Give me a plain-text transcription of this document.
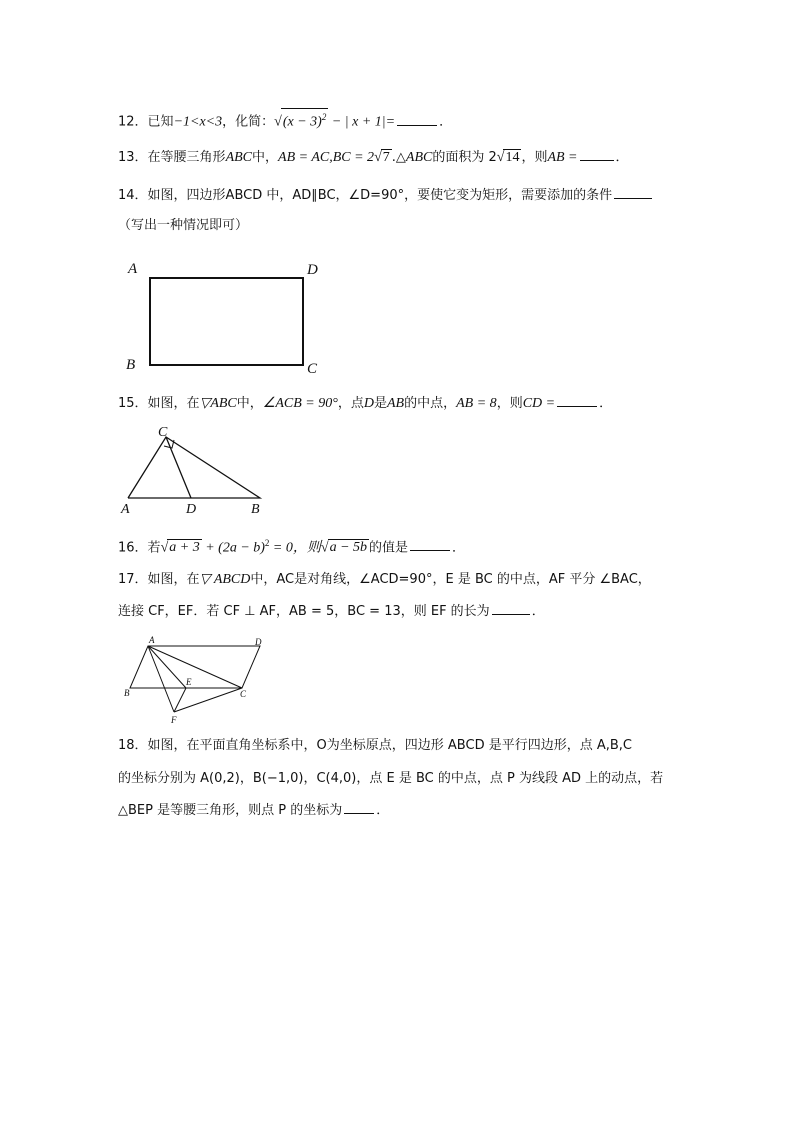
12．已知−1<x<3，化简：$√(x - 3)^2$ − | x + 1|=	．
13．在等腰三角形ABC中，AB = AC,BC = 2√7 .△ABC的面积为 2√14 ，则AB =	．
14．如图，四边形ABCD 中，AD∥BC，∠D=90°，要使它变为矩形，需要添加的条件
（写出一种情况即可）
A	D
B	C
15．如图，在▽ABC中，∠ACB = 90°，点D是AB的中点，AB = 8，则CD =	．
C
A	D	B
16．若$√a + 3 + (2a - b)^2 = 0$，则√a − 5b 的值是	．
17．如图，在▽ ABCD中，AC是对角线，∠ACD=90°，E 是 BC 的中点，AF 平分 ∠BAC，
连接 CF，EF．若 CF ⊥ AF，AB = 5，BC = 13，则 EF 的长为	．
A	D
B	C
E
F
18．如图，在平面直角坐标系中，O为坐标原点，四边形 ABCD 是平行四边形，点 A,B,C
的坐标分别为 A(0,2)，B(−1,0)，C(4,0)，点 E 是 BC 的中点，点 P 为线段 AD 上的动点，若
△BEP 是等腰三角形，则点 P 的坐标为	．
